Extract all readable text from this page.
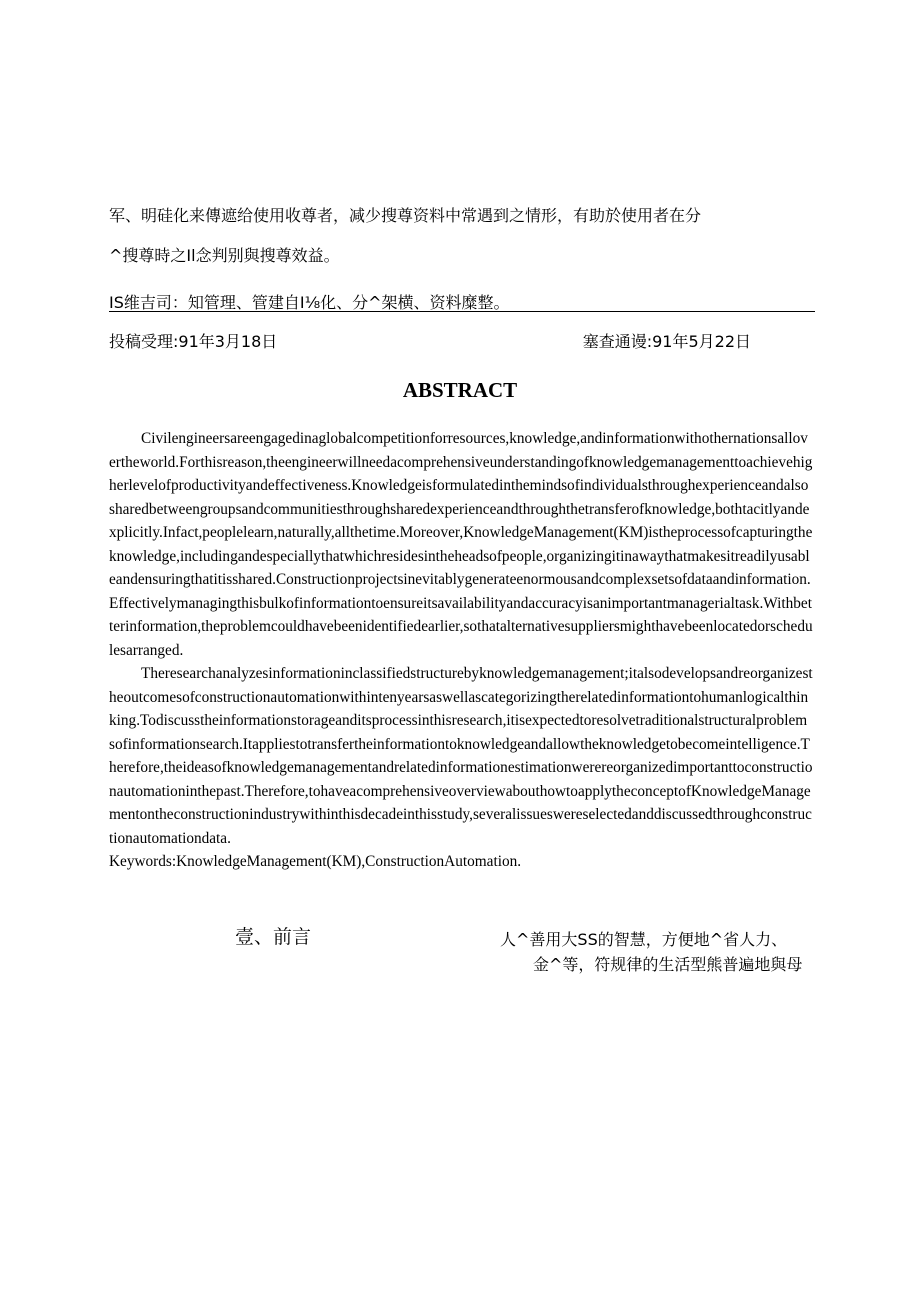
军、明硅化来傳遮给使用收尊者，减少搜尊资料中常遇到之情形，有助於使用者在分
^搜尊時之Il念判别與搜尊效益。
IS维吉司：知管理、管建自I⅛化、分^架横、资料糜整。
投稿受理:91年3月18日	塞查通谩:91年5月22日
ABSTRACT

Civilengineersareengagedinaglobalcompetitionforresources,knowledge,andinformationwithothernationsallovertheworld.Forthisreason,theengineerwillneedacomprehensiveunderstandingofknowledgemanagementtoachievehigherlevelofproductivityandeffectiveness.Knowledgeisformulatedinthemindsofindividualsthroughexperienceandalsosharedbetweengroupsandcommunitiesthroughsharedexperienceandthroughthetransferofknowledge,bothtacitlyandexplicitly.Infact,peoplelearn,naturally,allthetime.Moreover,KnowledgeManagement(KM)istheprocessofcapturingtheknowledge,includingandespeciallythatwhichresidesintheheadsofpeople,organizingitinawaythatmakesitreadilyusableandensuringthatitisshared.Constructionprojectsinevitablygenerateenormousandcomplexsetsofdataandinformation.Effectivelymanagingthisbulkofinformationtoensureitsavailabilityandaccuracyisanimportantmanagerialtask.Withbetterinformation,theproblemcouldhavebeenidentifiedearlier,sothatalternativesuppliersmighthavebeenlocatedorschedulesarranged.

Theresearchanalyzesinformationinclassifiedstructurebyknowledgemanagement;italsodevelopsandreorganizestheoutcomesofconstructionautomationwithintenyearsaswellascategorizingtherelatedinformationtohumanlogicalthinking.Todiscusstheinformationstorageanditsprocessinthisresearch,itisexpectedtoresolvetraditionalstructuralproblemsofinformationsearch.Itappliestotransfertheinformationtoknowledgeandallowtheknowledgetobecomeintelligence.Therefore,theideasofknowledgemanagementandrelatedinformationestimationwerereorganizedimportanttoconstructionautomationinthepast.Therefore,tohaveacomprehensiveoverviewabouthowtoapplytheconceptofKnowledgeManagementontheconstructionindustrywithinthisdecadeinthisstudy,severalissueswereselectedanddiscussedthroughconstructionautomationdata.

Keywords:KnowledgeManagement(KM),ConstructionAutomation.

壹、前言	人^善用大SS的智慧，方便地^省人力、
金^等，符规律的生活型熊普遍地與母
